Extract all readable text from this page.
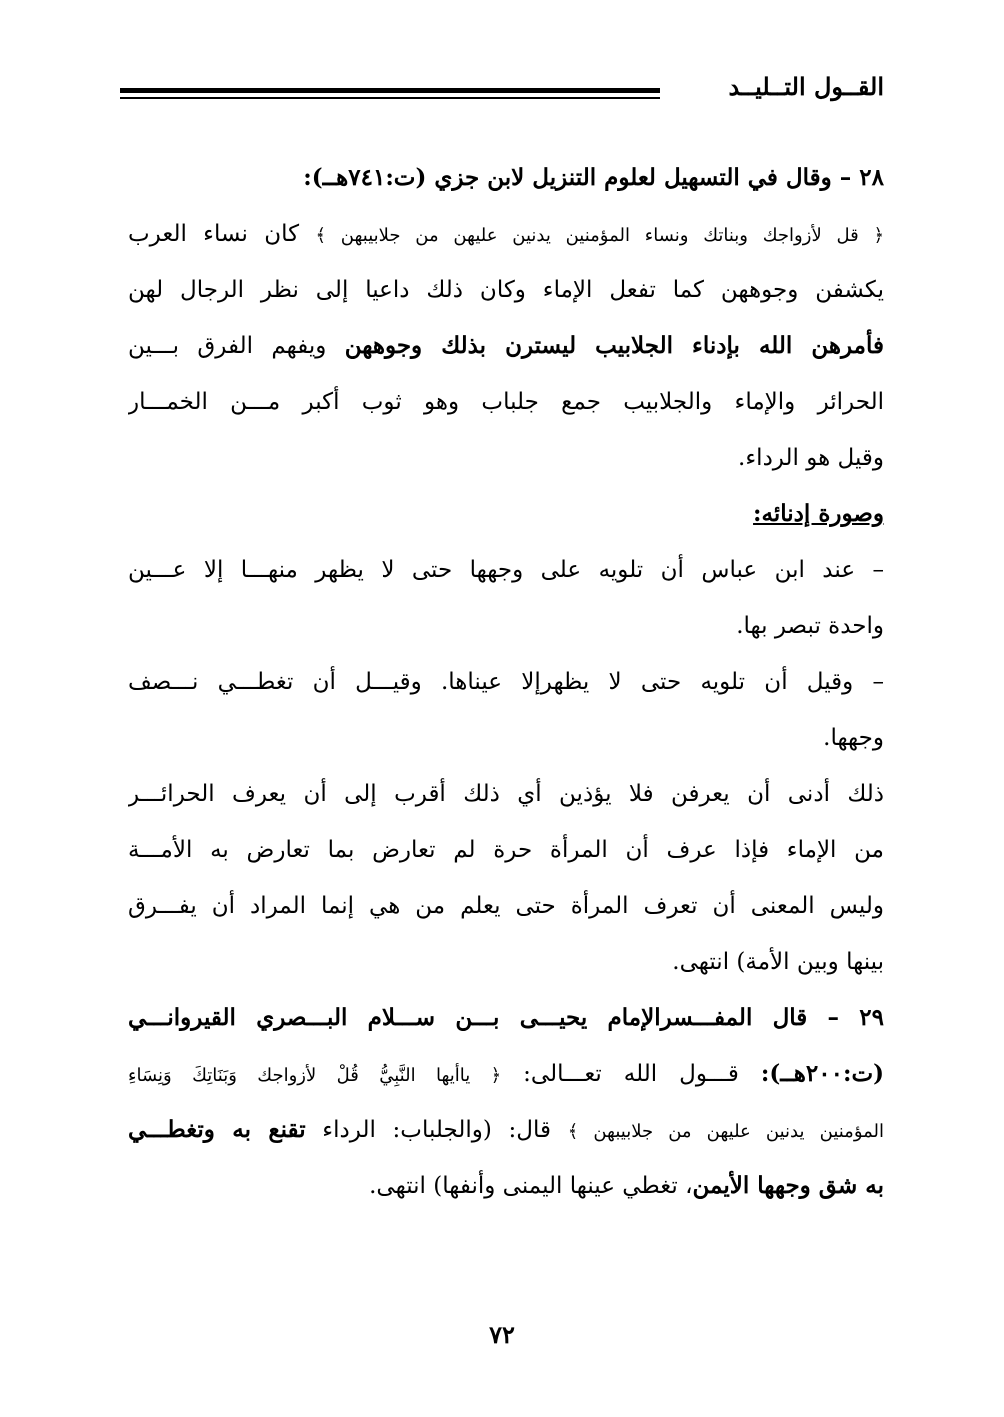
القــول التــليــد
٢٨ – وقال في التسهيل لعلوم التنزيل لابن جزي (ت:٧٤١هــ):
﴿ قل لأزواجك وبناتك ونساء المؤمنين يدنين عليهن من جلابيبهن ﴾ كان نساء العرب
يكشفن وجوههن كما تفعل الإماء وكان ذلك داعيا إلى نظر الرجال لهن
فأمرهن الله بإدناء الجلابيب ليسترن بذلك وجوههن ويفهم الفرق بـــين
الحرائر والإماء والجلابيب جمع جلباب وهو ثوب أكبر مـــن الخمـــار
وقيل هو الرداء.
وصورة إدنائه:
– عند ابن عباس أن تلويه على وجهها حتى لا يظهر منهـــا إلا عـــين
واحدة تبصر بها.
– وقيل أن تلويه حتى لا يظهرإلا عيناها. وقيـــل أن تغطـــي نـــصف
وجهها.
ذلك أدنى أن يعرفن فلا يؤذين أي ذلك أقرب إلى أن يعرف الحرائـــر
من الإماء فإذا عرف أن المرأة حرة لم تعارض بما تعارض به الأمـــة
وليس المعنى أن تعرف المرأة حتى يعلم من هي إنما المراد أن يفـــرق
بينها وبين الأمة) انتهى.
٢٩ – قال المفـــسرالإمام يحيـــى بـــن ســـلام البـــصري القيروانـــي
(ت:٢٠٠هــ): قـــول الله تعـــالى: ﴿ ياأيها النَّبِيُّ قُلْ لأزواجك وَبَنَاتِكَ وَنِسَاءِ
المؤمنين يدنين عليهن من جلابيبهن ﴾ قال: (والجلباب: الرداء تقنع به وتغطـــي
به شق وجهها الأيمن، تغطي عينها اليمنى وأنفها) انتهى.
٧٢
